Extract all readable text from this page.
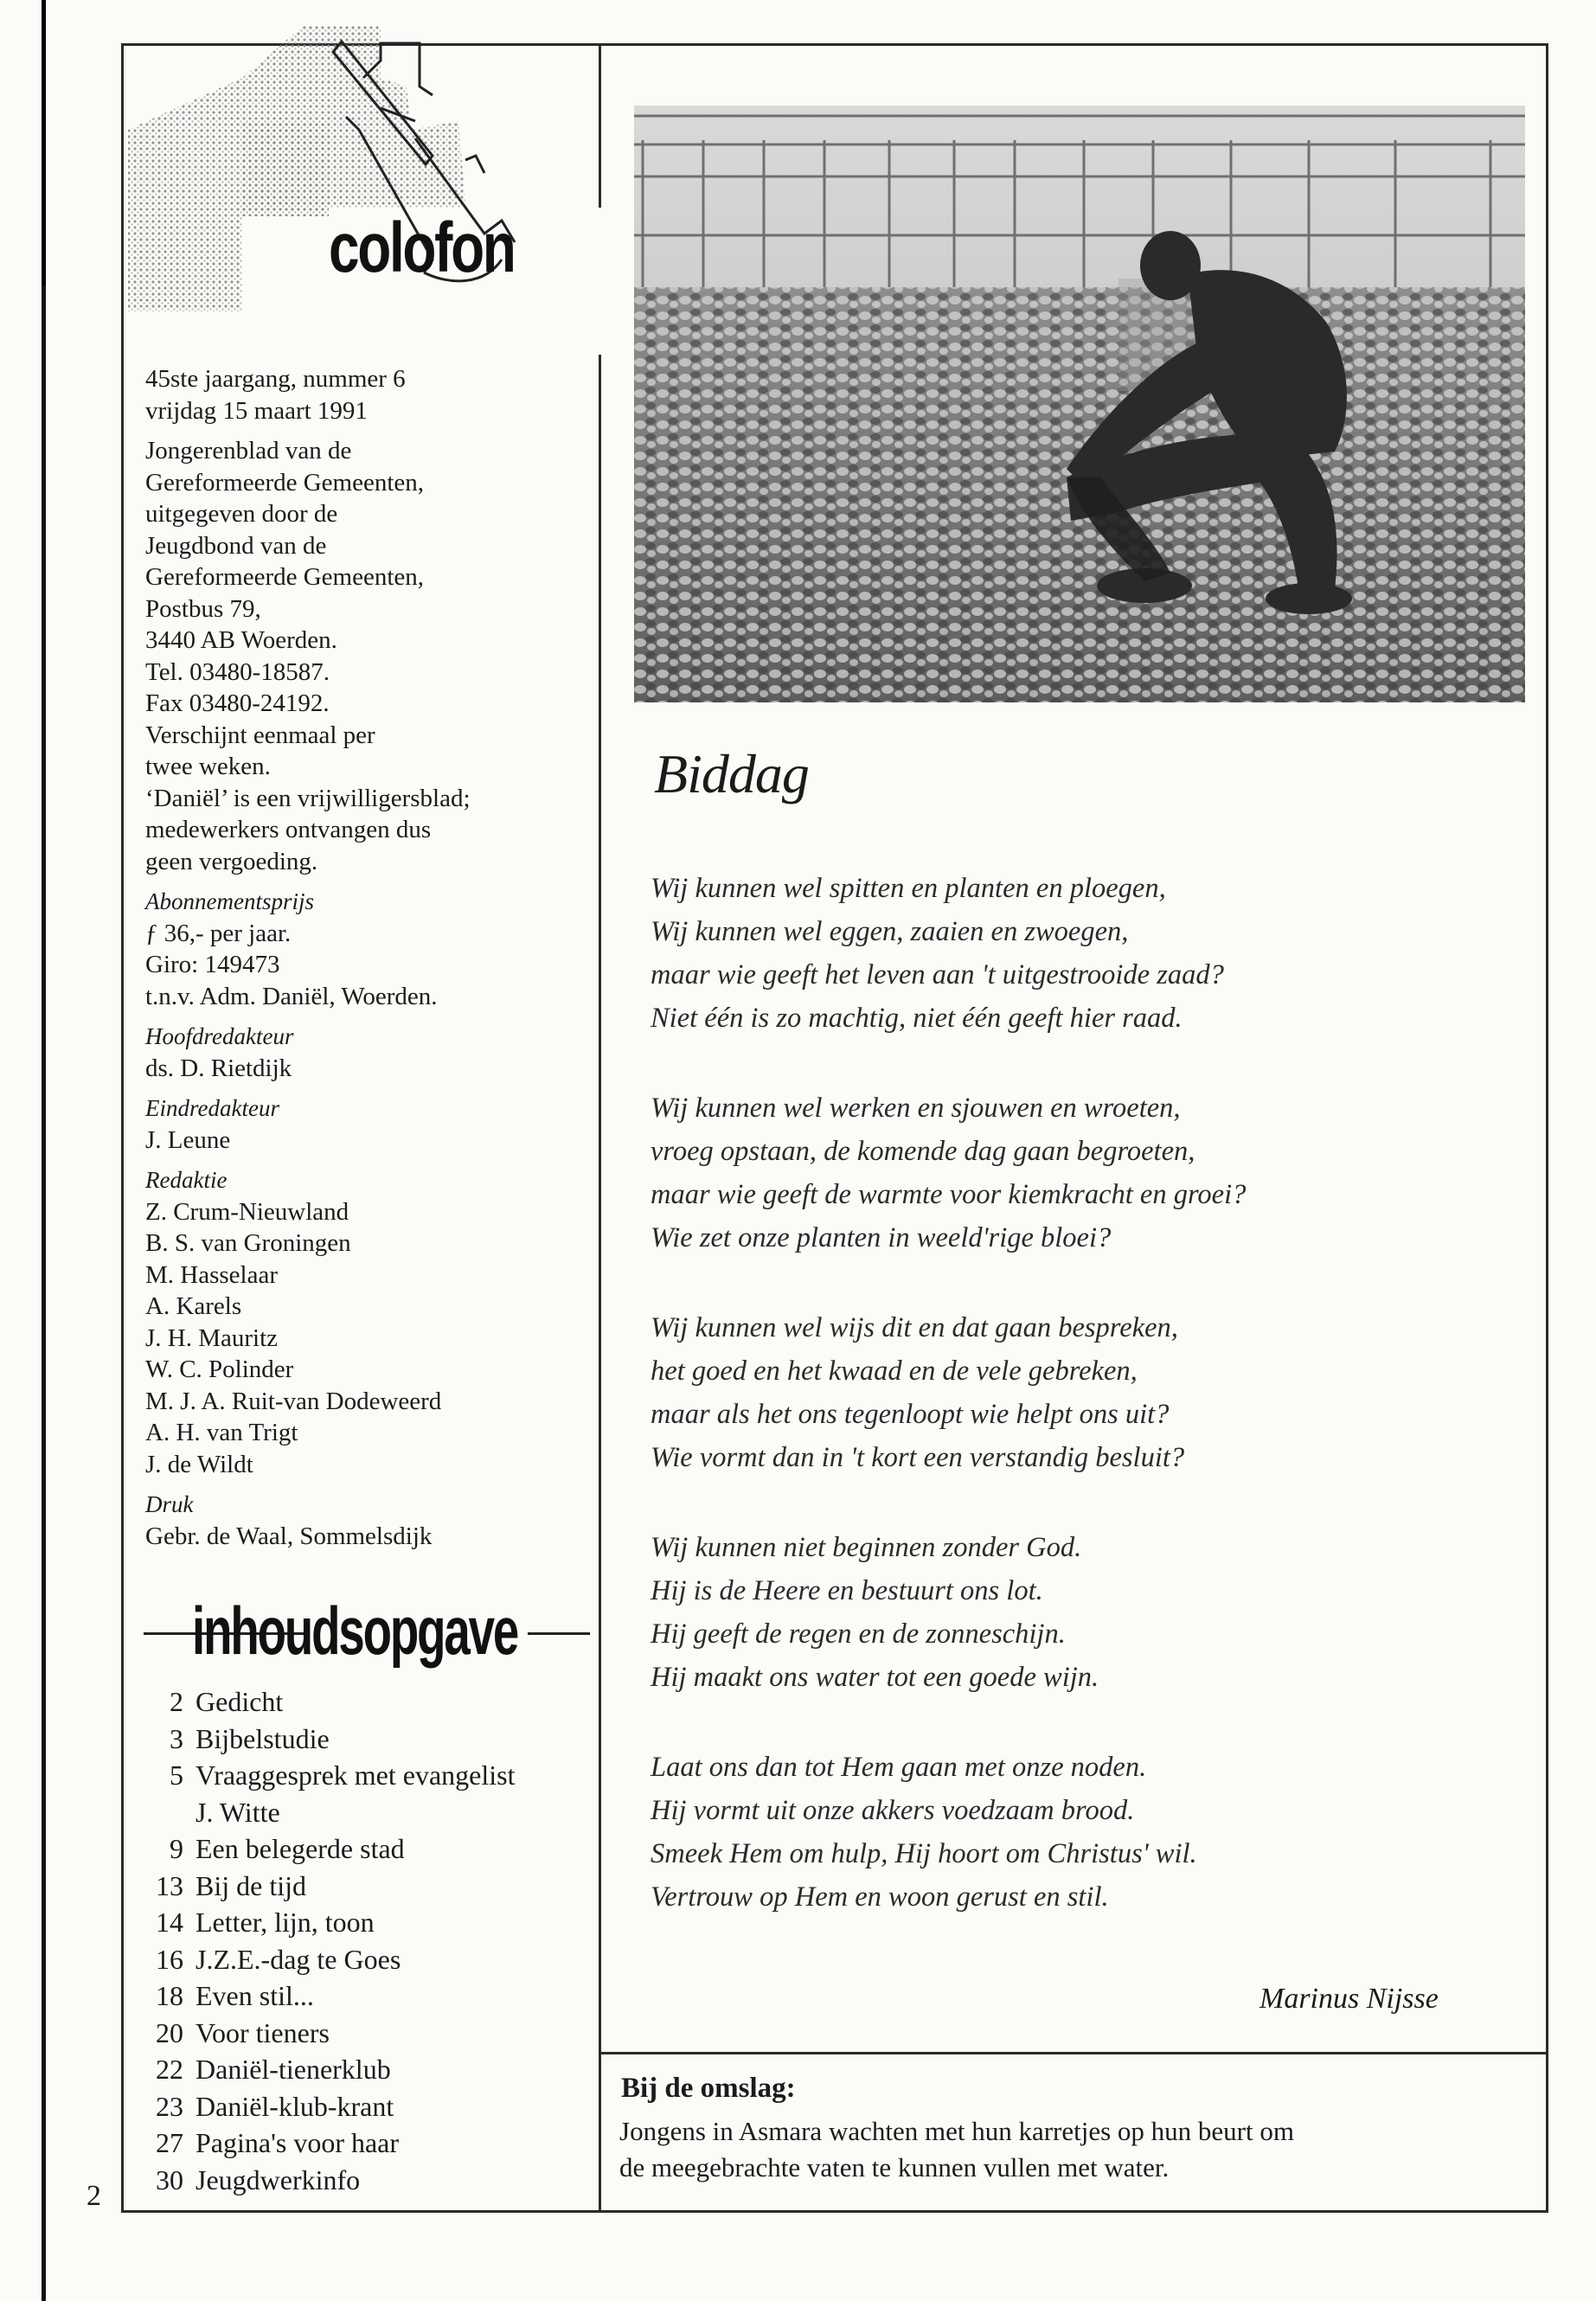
colofon

45ste jaargang, nummer 6
vrijdag 15 maart 1991

Jongerenblad van de
Gereformeerde Gemeenten,
uitgegeven door de
Jeugdbond van de
Gereformeerde Gemeenten,
Postbus 79,
3440 AB Woerden.
Tel. 03480-18587.
Fax 03480-24192.
Verschijnt eenmaal per
twee weken.
‘Daniël’ is een vrijwilligersblad;
medewerkers ontvangen dus
geen vergoeding.

Abonnementsprijs
ƒ 36,- per jaar.
Giro: 149473
t.n.v. Adm. Daniël, Woerden.

Hoofdredakteur
ds. D. Rietdijk

Eindredakteur
J. Leune

Redaktie
Z. Crum-Nieuwland
B. S. van Groningen
M. Hasselaar
A. Karels
J. H. Mauritz
W. C. Polinder
M. J. A. Ruit-van Dodeweerd
A. H. van Trigt
J. de Wildt

Druk
Gebr. de Waal, Sommelsdijk

inhoudsopgave
2 Gedicht
3 Bijbelstudie
5 Vraaggesprek met evangelist
J. Witte
9 Een belegerde stad
13 Bij de tijd
14 Letter, lijn, toon
16 J.Z.E.-dag te Goes
18 Even stil...
20 Voor tieners
22 Daniël-tienerklub
23 Daniël-klub-krant
27 Pagina's voor haar
30 Jeugdwerkinfo
2
Biddag
Wij kunnen wel spitten en planten en ploegen,
Wij kunnen wel eggen, zaaien en zwoegen,
maar wie geeft het leven aan 't uitgestrooide zaad?
Niet één is zo machtig, niet één geeft hier raad.
Wij kunnen wel werken en sjouwen en wroeten,
vroeg opstaan, de komende dag gaan begroeten,
maar wie geeft de warmte voor kiemkracht en groei?
Wie zet onze planten in weeld'rige bloei?
Wij kunnen wel wijs dit en dat gaan bespreken,
het goed en het kwaad en de vele gebreken,
maar als het ons tegenloopt wie helpt ons uit?
Wie vormt dan in 't kort een verstandig besluit?
Wij kunnen niet beginnen zonder God.
Hij is de Heere en bestuurt ons lot.
Hij geeft de regen en de zonneschijn.
Hij maakt ons water tot een goede wijn.
Laat ons dan tot Hem gaan met onze noden.
Hij vormt uit onze akkers voedzaam brood.
Smeek Hem om hulp, Hij hoort om Christus' wil.
Vertrouw op Hem en woon gerust en stil.
Marinus Nijsse
Bij de omslag:
Jongens in Asmara wachten met hun karretjes op hun beurt om
de meegebrachte vaten te kunnen vullen met water.
